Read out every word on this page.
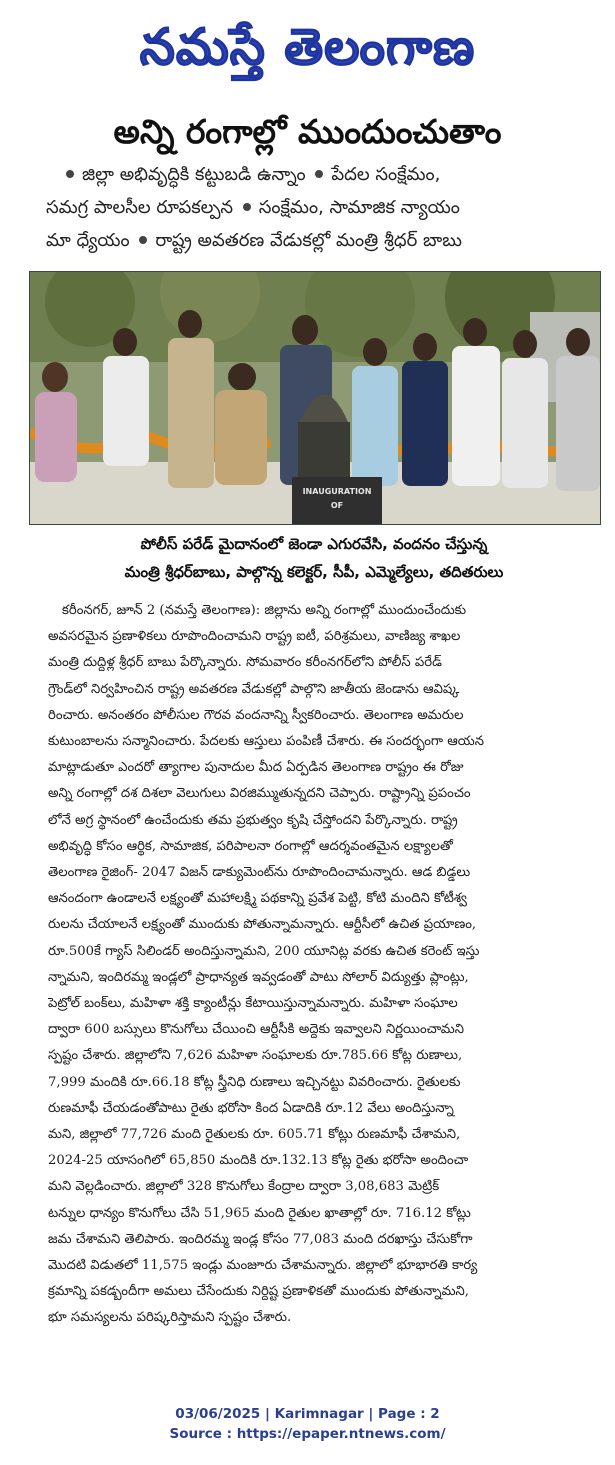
నమస్తే తెలంగాణ
అన్ని రంగాల్లో ముందుంచుతాం
జిల్లా అభివృద్ధికి కట్టుబడి ఉన్నాం పేదల సంక్షేమం,
సమగ్ర పాలసీల రూపకల్పన సంక్షేమం, సామాజిక న్యాయం
మా ధ్యేయం రాష్ట్ర అవతరణ వేడుకల్లో మంత్రి శ్రీధర్ బాబు
INAUGURATION
OF
పోలీస్ పరేడ్ మైదానంలో జెండా ఎగురవేసి, వందనం చేస్తున్న
మంత్రి శ్రీధర్‌బాబు, పాల్గొన్న కలెక్టర్, సీపీ, ఎమ్మెల్యేలు, తదితరులు
కరీంనగర్, జూన్ 2 (నమస్తే తెలంగాణ): జిల్లాను అన్ని రంగాల్లో ముందుంచేందుకు
అవసరమైన ప్రణాళికలు రూపొందించామని రాష్ట్ర ఐటీ, పరిశ్రమలు, వాణిజ్య శాఖల
మంత్రి దుద్దిళ్ల శ్రీధర్ బాబు పేర్కొన్నారు. సోమవారం కరీంనగర్‌లోని పోలీస్ పరేడ్
గ్రౌండ్‌లో నిర్వహించిన రాష్ట్ర అవతరణ వేడుకల్లో పాల్గొని జాతీయ జెండాను ఆవిష్క
రించారు. అనంతరం పోలీసుల గౌరవ వందనాన్ని స్వీకరించారు. తెలంగాణ అమరుల
కుటుంబాలను సన్మానించారు. పేదలకు ఆస్తులు పంపిణీ చేశారు. ఈ సందర్భంగా ఆయన
మాట్లాడుతూ ఎందరో త్యాగాల పునాదుల మీద ఏర్పడిన తెలంగాణ రాష్ట్రం ఈ రోజు
అన్ని రంగాల్లో దశ దిశలా వెలుగులు విరజిమ్ముతున్నదని చెప్పారు. రాష్ట్రాన్ని ప్రపంచం
లోనే అగ్ర స్థానంలో ఉంచేందుకు తమ ప్రభుత్వం కృషి చేస్తోందని పేర్కొన్నారు. రాష్ట్ర
అభివృద్ధి కోసం ఆర్థిక, సామాజిక, పరిపాలనా రంగాల్లో ఆదర్శవంతమైన లక్ష్యాలతో
తెలంగాణ రైజింగ్- 2047 విజన్ డాక్యుమెంట్‌ను రూపొందించామన్నారు. ఆడ బిడ్డలు
ఆనందంగా ఉండాలనే లక్ష్యంతో మహాలక్ష్మి పథకాన్ని ప్రవేశ పెట్టి, కోటి మందిని కోటీశ్వ
రులను చేయాలనే లక్ష్యంతో ముందుకు పోతున్నామన్నారు. ఆర్టీసీలో ఉచిత ప్రయాణం,
రూ.500కే గ్యాస్ సిలిండర్ అందిస్తున్నామని, 200 యూనిట్ల వరకు ఉచిత కరెంట్ ఇస్తు
న్నామని, ఇందిరమ్మ ఇండ్లలో ప్రాధాన్యత ఇవ్వడంతో పాటు సోలార్ విద్యుత్తు ప్లాంట్లు,
పెట్రోల్ బంక్‌లు, మహిళా శక్తి క్యాంటీన్లు కేటాయిస్తున్నామన్నారు. మహిళా సంఘాల
ద్వారా 600 బస్సులు కొనుగోలు చేయించి ఆర్టీసీకి అద్దెకు ఇవ్వాలని నిర్ణయించామని
స్పష్టం చేశారు. జిల్లాలోని 7,626 మహిళా సంఘాలకు రూ.785.66 కోట్ల రుణాలు,
7,999 మందికి రూ.66.18 కోట్ల స్త్రీనిధి రుణాలు ఇచ్చినట్టు వివరించారు. రైతులకు
రుణమాఫీ చేయడంతోపాటు రైతు భరోసా కింద ఏడాదికి రూ.12 వేలు అందిస్తున్నా
మని, జిల్లాలో 77,726 మంది రైతులకు రూ. 605.71 కోట్లు రుణమాఫీ చేశామని,
2024-25 యాసంగిలో 65,850 మందికి రూ.132.13 కోట్ల రైతు భరోసా అందించా
మని వెల్లడించారు. జిల్లాలో 328 కొనుగోలు కేంద్రాల ద్వారా 3,08,683 మెట్రిక్
టన్నుల ధాన్యం కొనుగోలు చేసి 51,965 మంది రైతుల ఖాతాల్లో రూ. 716.12 కోట్లు
జమ చేశామని తెలిపారు. ఇందిరమ్మ ఇండ్ల కోసం 77,083 మంది దరఖాస్తు చేసుకోగా
మొదటి విడుతలో 11,575 ఇండ్లు మంజూరు చేశామన్నారు. జిల్లాలో భూభారతి కార్య
క్రమాన్ని పకడ్బందీగా అమలు చేసేందుకు నిర్దిష్ట ప్రణాళికతో ముందుకు పోతున్నామని,
భూ సమస్యలను పరిష్కరిస్తామని స్పష్టం చేశారు.
03/06/2025 | Karimnagar | Page : 2
Source : https://epaper.ntnews.com/
